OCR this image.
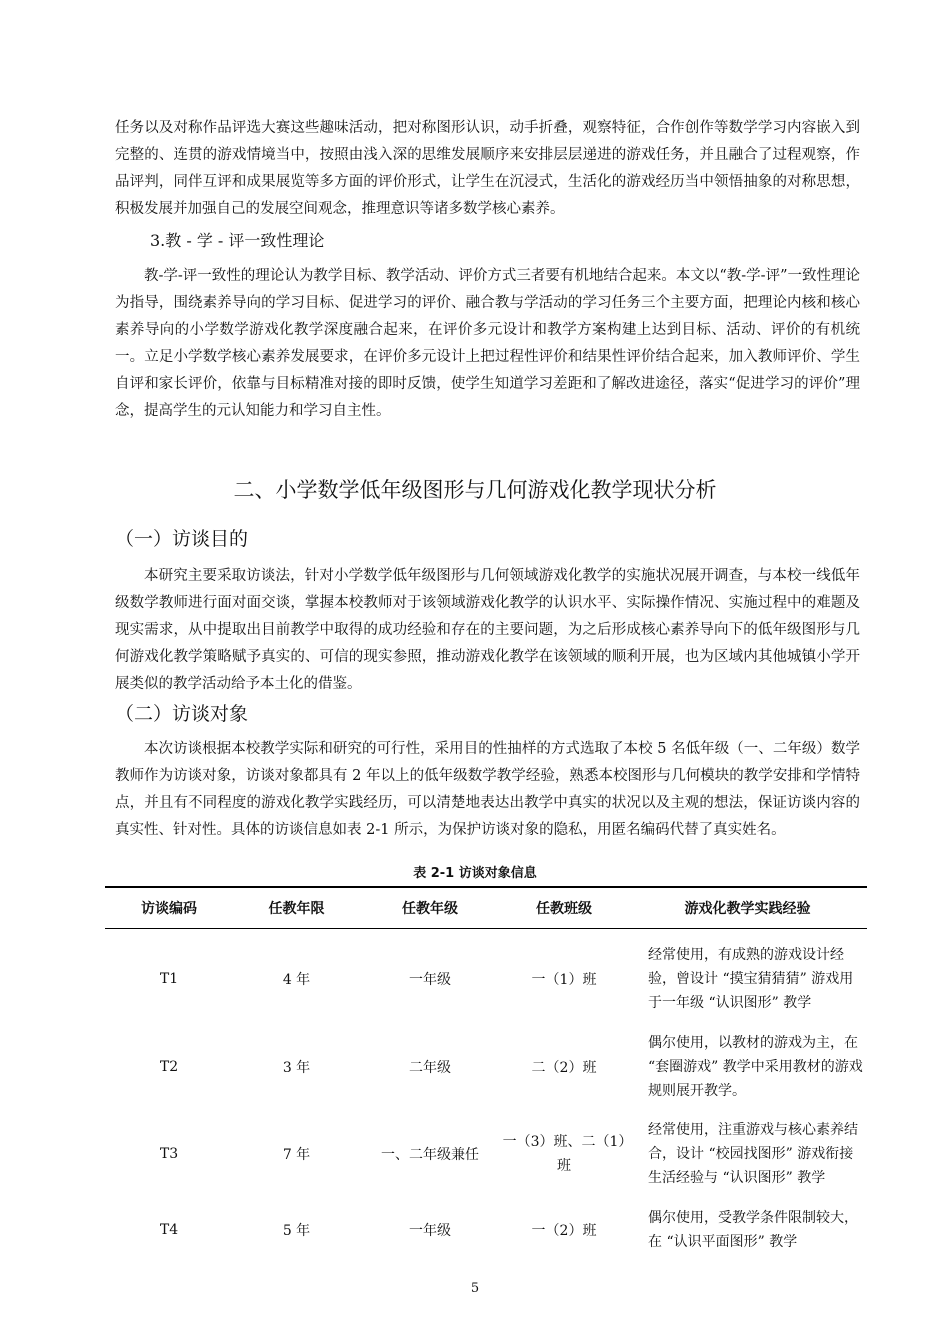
任务以及对称作品评选大赛这些趣味活动，把对称图形认识，动手折叠，观察特征，合作创作等数学学习内容嵌入到完整的、连贯的游戏情境当中，按照由浅入深的思维发展顺序来安排层层递进的游戏任务，并且融合了过程观察，作品评判，同伴互评和成果展览等多方面的评价形式，让学生在沉浸式，生活化的游戏经历当中领悟抽象的对称思想，积极发展并加强自己的发展空间观念，推理意识等诸多数学核心素养。

3.教 - 学 - 评一致性理论

教-学-评一致性的理论认为教学目标、教学活动、评价方式三者要有机地结合起来。本文以“教-学-评”一致性理论为指导，围绕素养导向的学习目标、促进学习的评价、融合教与学活动的学习任务三个主要方面，把理论内核和核心素养导向的小学数学游戏化教学深度融合起来，在评价多元设计和教学方案构建上达到目标、活动、评价的有机统一。立足小学数学核心素养发展要求，在评价多元设计上把过程性评价和结果性评价结合起来，加入教师评价、学生自评和家长评价，依靠与目标精准对接的即时反馈，使学生知道学习差距和了解改进途径，落实“促进学习的评价”理念，提高学生的元认知能力和学习自主性。

二、小学数学低年级图形与几何游戏化教学现状分析
（一）访谈目的

本研究主要采取访谈法，针对小学数学低年级图形与几何领域游戏化教学的实施状况展开调查，与本校一线低年级数学教师进行面对面交谈，掌握本校教师对于该领域游戏化教学的认识水平、实际操作情况、实施过程中的难题及现实需求，从中提取出目前教学中取得的成功经验和存在的主要问题，为之后形成核心素养导向下的低年级图形与几何游戏化教学策略赋予真实的、可信的现实参照，推动游戏化教学在该领域的顺利开展，也为区域内其他城镇小学开展类似的教学活动给予本土化的借鉴。

（二）访谈对象

本次访谈根据本校教学实际和研究的可行性，采用目的性抽样的方式选取了本校 5 名低年级（一、二年级）数学教师作为访谈对象，访谈对象都具有 2 年以上的低年级数学教学经验，熟悉本校图形与几何模块的教学安排和学情特点，并且有不同程度的游戏化教学实践经历，可以清楚地表达出教学中真实的状况以及主观的想法，保证访谈内容的真实性、针对性。具体的访谈信息如表 2-1 所示，为保护访谈对象的隐私，用匿名编码代替了真实姓名。

表 2-1 访谈对象信息
访谈编码	任教年限	任教年级	任教班级	游戏化教学实践经验
T1	4 年	一年级	一（1）班	经常使用，有成熟的游戏设计经验，曾设计 “摸宝猜猜猜” 游戏用于一年级 “认识图形” 教学
T2	3 年	二年级	二（2）班	偶尔使用，以教材的游戏为主，在 “套圈游戏” 教学中采用教材的游戏规则展开教学。
T3	7 年	一、二年级兼任	一（3）班、二（1）班	经常使用，注重游戏与核心素养结合，设计 “校园找图形” 游戏衔接生活经验与 “认识图形” 教学
T4	5 年	一年级	一（2）班	偶尔使用，受教学条件限制较大，在 “认识平面图形” 教学
5
